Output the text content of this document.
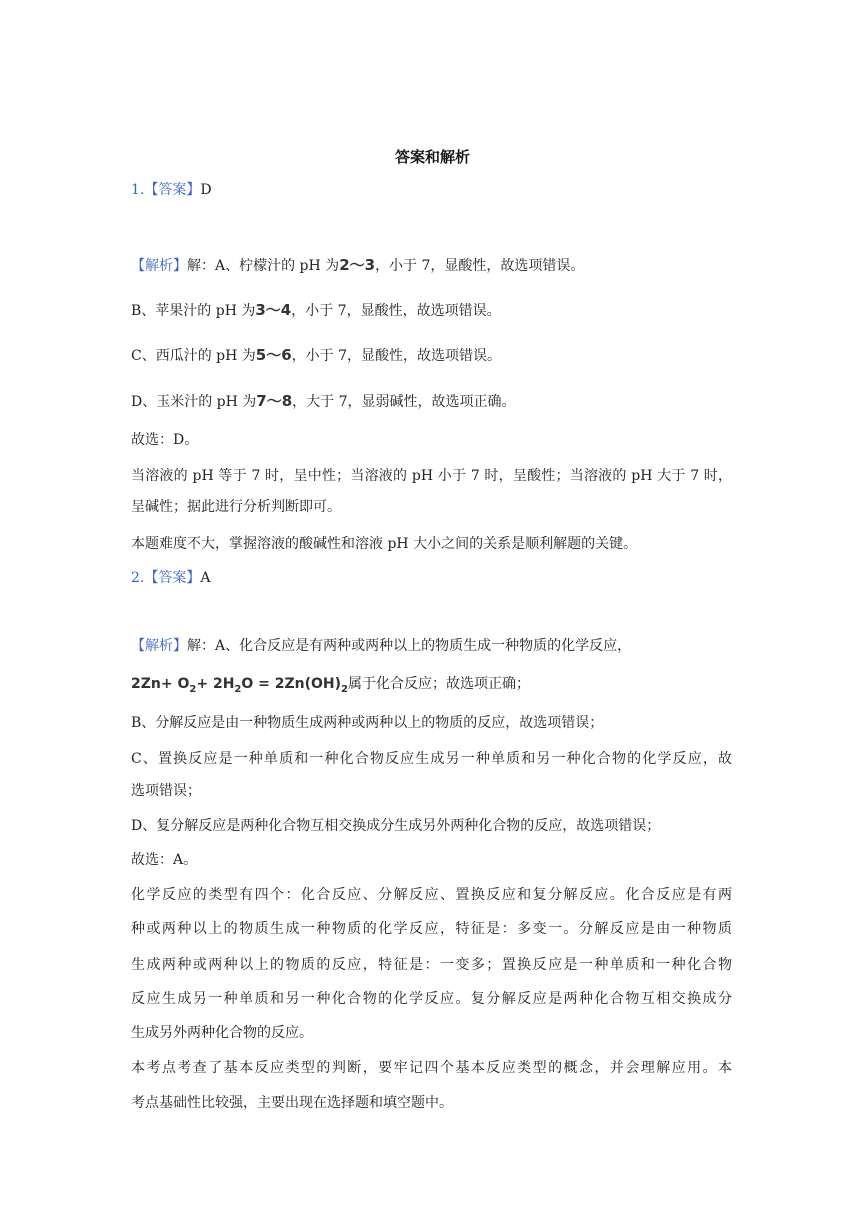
答案和解析
1.【答案】D
【解析】解：A、柠檬汁的 pH 为2～3，小于 7，显酸性，故选项错误。
B、苹果汁的 pH 为3～4，小于 7，显酸性，故选项错误。
C、西瓜汁的 pH 为5～6，小于 7，显酸性，故选项错误。
D、玉米汁的 pH 为7～8，大于 7，显弱碱性，故选项正确。
故选：D。
当溶液的 pH 等于 7 时，呈中性；当溶液的 pH 小于 7 时，呈酸性；当溶液的 pH 大于 7 时，
呈碱性；据此进行分析判断即可。
本题难度不大，掌握溶液的酸碱性和溶液 pH 大小之间的关系是顺利解题的关键。
2.【答案】A
【解析】解：A、化合反应是有两种或两种以上的物质生成一种物质的化学反应，
$2Zn+ O_2+ 2H_2O = 2Zn(OH)_2$属于化合反应；故选项正确；
B、分解反应是由一种物质生成两种或两种以上的物质的反应，故选项错误；
C、置换反应是一种单质和一种化合物反应生成另一种单质和另一种化合物的化学反应，故
选项错误；
D、复分解反应是两种化合物互相交换成分生成另外两种化合物的反应，故选项错误；
故选：A。
化学反应的类型有四个：化合反应、分解反应、置换反应和复分解反应。化合反应是有两
种或两种以上的物质生成一种物质的化学反应，特征是：多变一。分解反应是由一种物质
生成两种或两种以上的物质的反应，特征是：一变多；置换反应是一种单质和一种化合物
反应生成另一种单质和另一种化合物的化学反应。复分解反应是两种化合物互相交换成分
生成另外两种化合物的反应。
本考点考查了基本反应类型的判断，要牢记四个基本反应类型的概念，并会理解应用。本
考点基础性比较强，主要出现在选择题和填空题中。
